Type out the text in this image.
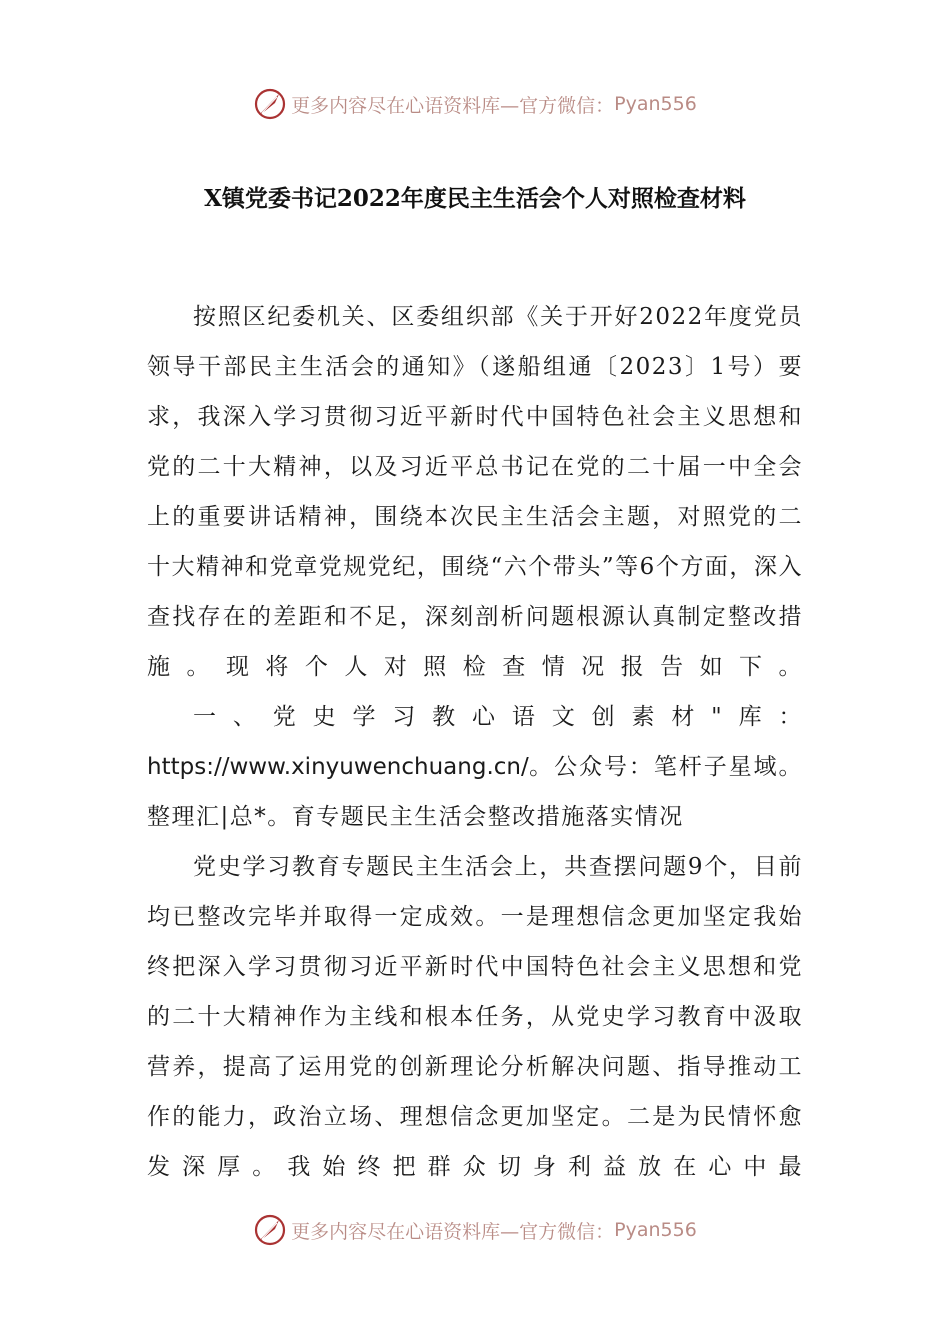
更多内容尽在心语资料库—官方微信： Pyan556
X镇党委书记2022年度民主生活会个人对照检查材料

按照区纪委机关、区委组织部《关于开好2022年度党员领导干部民主生活会的通知》（遂船组通〔2023〕1号）要求，我深入学习贯彻习近平新时代中国特色社会主义思想和党的二十大精神，以及习近平总书记在党的二十届一中全会上的重要讲话精神，围绕本次民主生活会主题，对照党的二十大精神和党章党规党纪，围绕“六个带头”等6个方面，深入查找存在的差距和不足，深刻剖析问题根源认真制定整改措施。现将个人对照检查情况报告如下。

一、党史学习教心语文创素材"库：https://www.xinyuwenchuang.cn/。公众号：笔杆子星域。整理汇|总*。育专题民主生活会整改措施落实情况

党史学习教育专题民主生活会上，共查摆问题9个，目前均已整改完毕并取得一定成效。一是理想信念更加坚定我始终把深入学习贯彻习近平新时代中国特色社会主义思想和党的二十大精神作为主线和根本任务，从党史学习教育中汲取营养，提高了运用党的创新理论分析解决问题、指导推动工作的能力，政治立场、理想信念更加坚定。二是为民情怀愈发深厚。我始终把群众切身利益放在心中最

更多内容尽在心语资料库—官方微信： Pyan556
